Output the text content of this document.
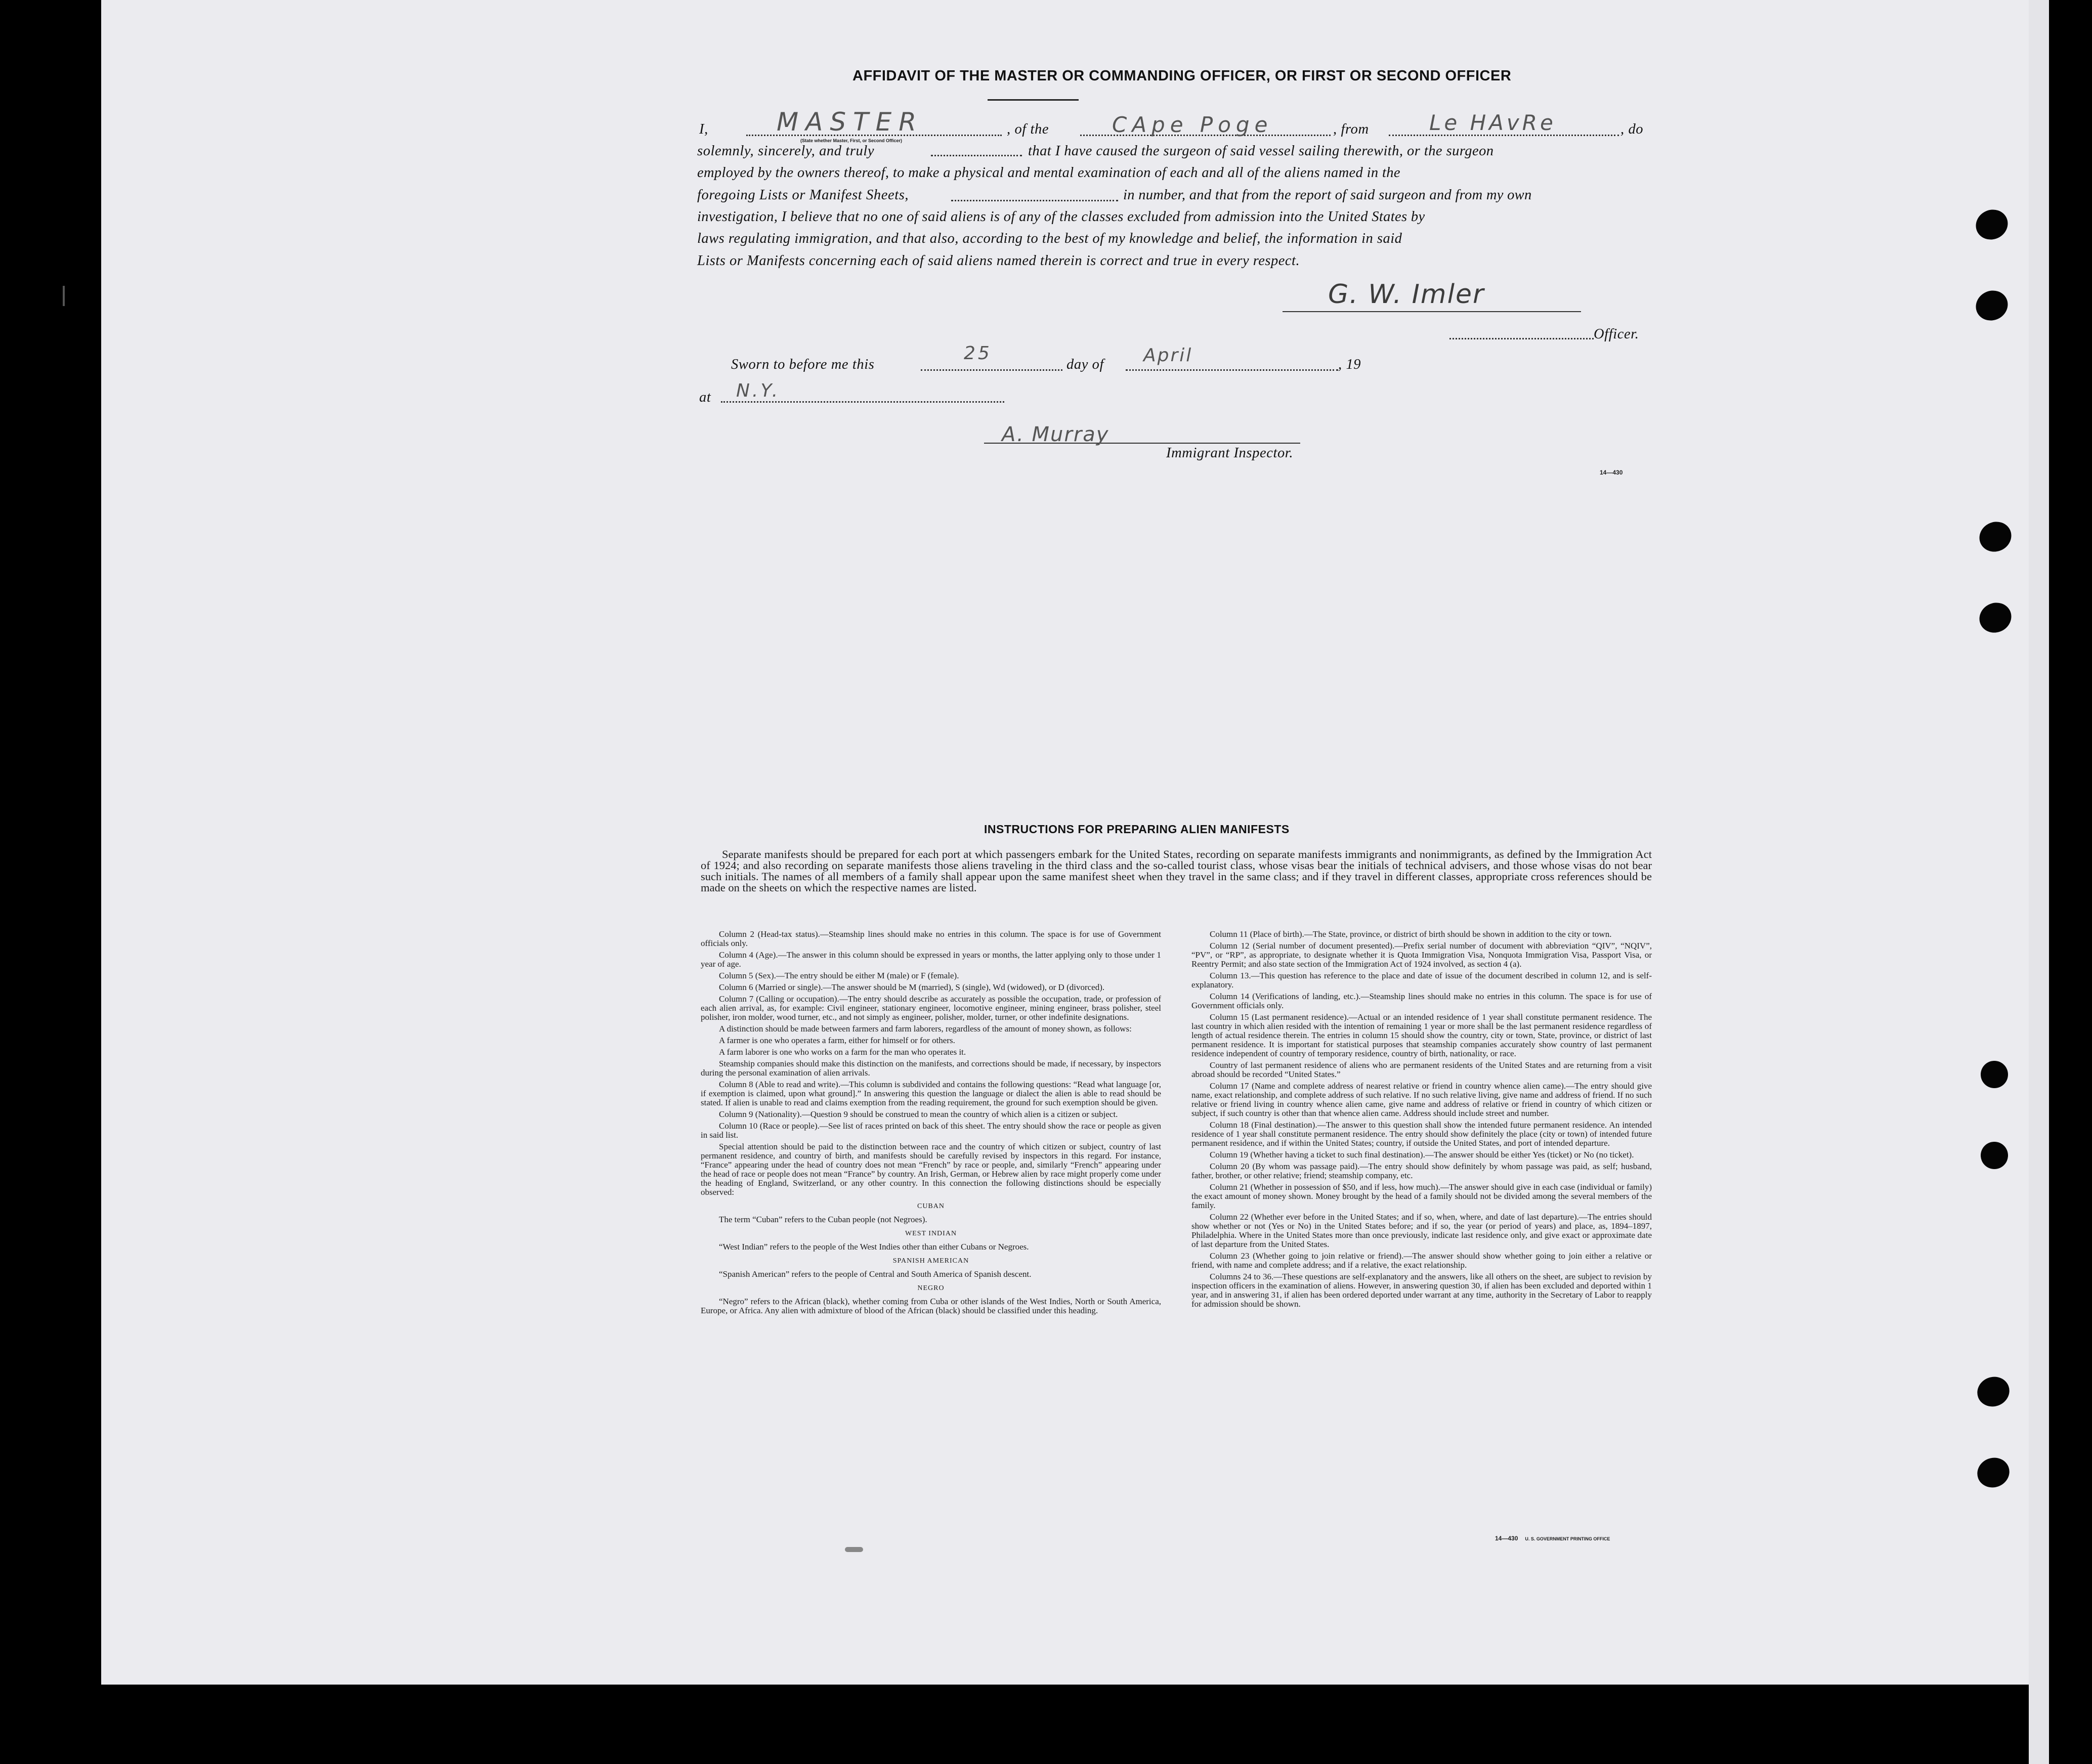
AFFIDAVIT OF THE MASTER OR COMMANDING OFFICER, OR FIRST OR SECOND OFFICER
I,	MASTER
(State whether Master, First, or Second Officer)
, of the	CApe Poge	, from	Le HAvRe	, do
solemnly, sincerely, and truly	that I have caused the surgeon of said vessel sailing therewith, or the surgeon
employed by the owners thereof, to make a physical and mental examination of each and all of the aliens named in the
foregoing Lists or Manifest Sheets,	in number, and that from the report of said surgeon and from my own
investigation, I believe that no one of said aliens is of any of the classes excluded from admission into the United States by
laws regulating immigration, and that also, according to the best of my knowledge and belief, the information in said
Lists or Manifests concerning each of said aliens named therein is correct and true in every respect.
G. W. Imler
Officer.
Sworn to before me this
25
day of April	, 19
at N.Y.
A. Murray
Immigrant Inspector.
14—430
INSTRUCTIONS FOR PREPARING ALIEN MANIFESTS
Separate manifests should be prepared for each port at which passengers embark for the United States, recording on separate manifests immigrants and nonimmigrants, as defined by the Immigration Act of 1924; and also recording on separate manifests those aliens traveling in the third class and the so-called tourist class, whose visas bear the initials of technical advisers, and those whose visas do not bear such initials. The names of all members of a family shall appear upon the same manifest sheet when they travel in the same class; and if they travel in different classes, appropriate cross references should be made on the sheets on which the respective names are listed.

Column 2 (Head-tax status).—Steamship lines should make no entries in this column. The space is for use of Government officials only.

Column 4 (Age).—The answer in this column should be expressed in years or months, the latter applying only to those under 1 year of age.

Column 5 (Sex).—The entry should be either M (male) or F (female).

Column 6 (Married or single).—The answer should be M (married), S (single), Wd (widowed), or D (divorced).

Column 7 (Calling or occupation).—The entry should describe as accurately as possible the occupation, trade, or profession of each alien arrival, as, for example: Civil engineer, stationary engineer, locomotive engineer, mining engineer, brass polisher, steel polisher, iron molder, wood turner, etc., and not simply as engineer, polisher, molder, turner, or other indefinite designations.

A distinction should be made between farmers and farm laborers, regardless of the amount of money shown, as follows:

A farmer is one who operates a farm, either for himself or for others.

A farm laborer is one who works on a farm for the man who operates it.

Steamship companies should make this distinction on the manifests, and corrections should be made, if necessary, by inspectors during the personal examination of alien arrivals.

Column 8 (Able to read and write).—This column is subdivided and contains the following questions: “Read what language [or, if exemption is claimed, upon what ground].” In answering this question the language or dialect the alien is able to read should be stated. If alien is unable to read and claims exemption from the reading requirement, the ground for such exemption should be given.

Column 9 (Nationality).—Question 9 should be construed to mean the country of which alien is a citizen or subject.

Column 10 (Race or people).—See list of races printed on back of this sheet. The entry should show the race or people as given in said list.

Special attention should be paid to the distinction between race and the country of which citizen or subject, country of last permanent residence, and country of birth, and manifests should be carefully revised by inspectors in this regard. For instance, “France” appearing under the head of country does not mean “French” by race or people, and, similarly “French” appearing under the head of race or people does not mean “France” by country. An Irish, German, or Hebrew alien by race might properly come under the heading of England, Switzerland, or any other country. In this connection the following distinctions should be especially observed:

CUBAN

The term “Cuban” refers to the Cuban people (not Negroes).

WEST INDIAN

“West Indian” refers to the people of the West Indies other than either Cubans or Negroes.

SPANISH AMERICAN

“Spanish American” refers to the people of Central and South America of Spanish descent.

NEGRO

“Negro” refers to the African (black), whether coming from Cuba or other islands of the West Indies, North or South America, Europe, or Africa. Any alien with admixture of blood of the African (black) should be classified under this heading.

Column 11 (Place of birth).—The State, province, or district of birth should be shown in addition to the city or town.

Column 12 (Serial number of document presented).—Prefix serial number of document with abbreviation “QIV”, “NQIV”, “PV”, or “RP”, as appropriate, to designate whether it is Quota Immigration Visa, Nonquota Immigration Visa, Passport Visa, or Reentry Permit; and also state section of the Immigration Act of 1924 involved, as section 4 (a).

Column 13.—This question has reference to the place and date of issue of the document described in column 12, and is self-explanatory.

Column 14 (Verifications of landing, etc.).—Steamship lines should make no entries in this column. The space is for use of Government officials only.

Column 15 (Last permanent residence).—Actual or an intended residence of 1 year shall constitute permanent residence. The last country in which alien resided with the intention of remaining 1 year or more shall be the last permanent residence regardless of length of actual residence therein. The entries in column 15 should show the country, city or town, State, province, or district of last permanent residence. It is important for statistical purposes that steamship companies accurately show country of last permanent residence independent of country of temporary residence, country of birth, nationality, or race.

Country of last permanent residence of aliens who are permanent residents of the United States and are returning from a visit abroad should be recorded “United States.”

Column 17 (Name and complete address of nearest relative or friend in country whence alien came).—The entry should give name, exact relationship, and complete address of such relative. If no such relative living, give name and address of friend. If no such relative or friend living in country whence alien came, give name and address of relative or friend in country of which citizen or subject, if such country is other than that whence alien came. Address should include street and number.

Column 18 (Final destination).—The answer to this question shall show the intended future permanent residence. An intended residence of 1 year shall constitute permanent residence. The entry should show definitely the place (city or town) of intended future permanent residence, and if within the United States; country, if outside the United States, and port of intended departure.

Column 19 (Whether having a ticket to such final destination).—The answer should be either Yes (ticket) or No (no ticket).

Column 20 (By whom was passage paid).—The entry should show definitely by whom passage was paid, as self; husband, father, brother, or other relative; friend; steamship company, etc.

Column 21 (Whether in possession of $50, and if less, how much).—The answer should give in each case (individual or family) the exact amount of money shown. Money brought by the head of a family should not be divided among the several members of the family.

Column 22 (Whether ever before in the United States; and if so, when, where, and date of last departure).—The entries should show whether or not (Yes or No) in the United States before; and if so, the year (or period of years) and place, as, 1894–1897, Philadelphia. Where in the United States more than once previously, indicate last residence only, and give exact or approximate date of last departure from the United States.

Column 23 (Whether going to join relative or friend).—The answer should show whether going to join either a relative or friend, with name and complete address; and if a relative, the exact relationship.

Columns 24 to 36.—These questions are self-explanatory and the answers, like all others on the sheet, are subject to revision by inspection officers in the examination of aliens. However, in answering question 30, if alien has been excluded and deported within 1 year, and in answering 31, if alien has been ordered deported under warrant at any time, authority in the Secretary of Labor to reapply for admission should be shown.

14—430 U. S. GOVERNMENT PRINTING OFFICE
